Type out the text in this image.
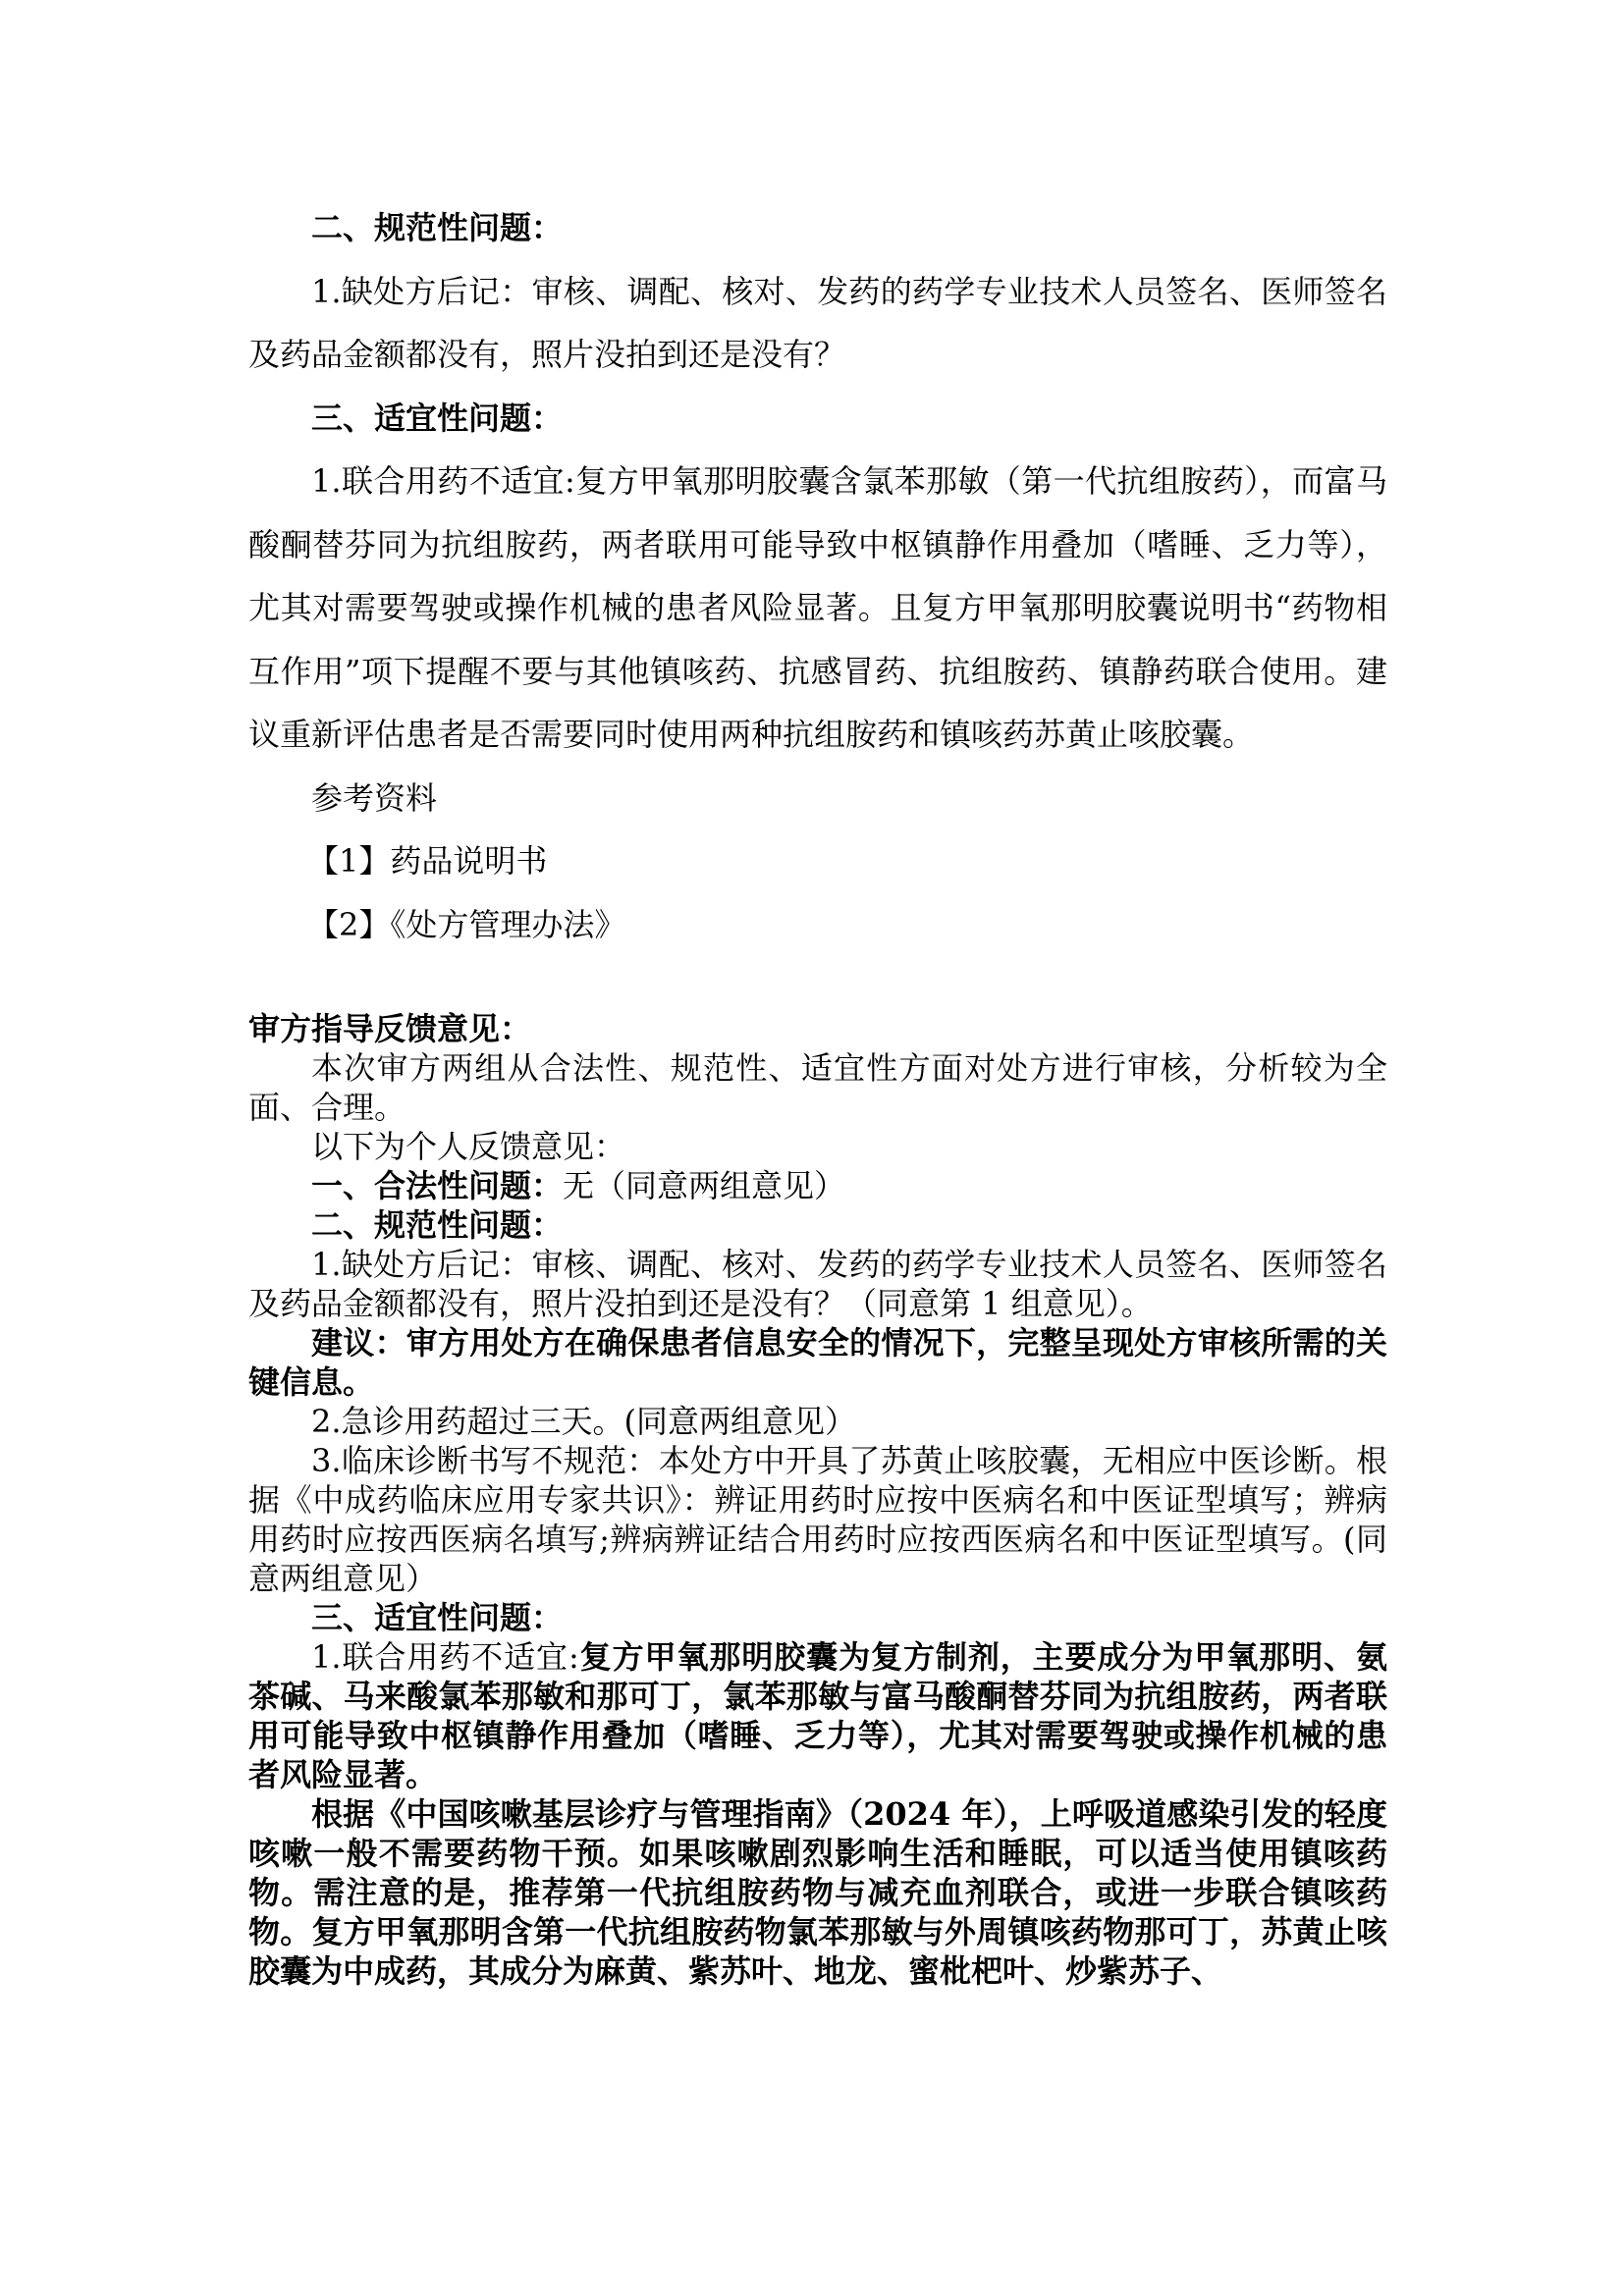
二、规范性问题：

1.缺处方后记：审核、调配、核对、发药的药学专业技术人员签名、医师签名及药品金额都没有，照片没拍到还是没有？

三、适宜性问题：

1.联合用药不适宜:复方甲氧那明胶囊含氯苯那敏（第一代抗组胺药），而富马酸酮替芬同为抗组胺药，两者联用可能导致中枢镇静作用叠加（嗜睡、乏力等），尤其对需要驾驶或操作机械的患者风险显著。且复方甲氧那明胶囊说明书“药物相互作用”项下提醒不要与其他镇咳药、抗感冒药、抗组胺药、镇静药联合使用。建议重新评估患者是否需要同时使用两种抗组胺药和镇咳药苏黄止咳胶囊。

参考资料

【1】药品说明书

【2】《处方管理办法》

审方指导反馈意见：

本次审方两组从合法性、规范性、适宜性方面对处方进行审核，分析较为全面、合理。

以下为个人反馈意见：

一、合法性问题：无（同意两组意见）

二、规范性问题：

1.缺处方后记：审核、调配、核对、发药的药学专业技术人员签名、医师签名及药品金额都没有，照片没拍到还是没有？（同意第 1 组意见）。

建议：审方用处方在确保患者信息安全的情况下，完整呈现处方审核所需的关键信息。

2.急诊用药超过三天。(同意两组意见）

3.临床诊断书写不规范：本处方中开具了苏黄止咳胶囊，无相应中医诊断。根据《中成药临床应用专家共识》：辨证用药时应按中医病名和中医证型填写；辨病用药时应按西医病名填写;辨病辨证结合用药时应按西医病名和中医证型填写。(同意两组意见）

三、适宜性问题：

1.联合用药不适宜:复方甲氧那明胶囊为复方制剂，主要成分为甲氧那明、氨茶碱、马来酸氯苯那敏和那可丁，氯苯那敏与富马酸酮替芬同为抗组胺药，两者联用可能导致中枢镇静作用叠加（嗜睡、乏力等），尤其对需要驾驶或操作机械的患者风险显著。

根据《中国咳嗽基层诊疗与管理指南》（2024 年），上呼吸道感染引发的轻度咳嗽一般不需要药物干预。如果咳嗽剧烈影响生活和睡眠，可以适当使用镇咳药物。需注意的是，推荐第一代抗组胺药物与减充血剂联合，或进一步联合镇咳药物。复方甲氧那明含第一代抗组胺药物氯苯那敏与外周镇咳药物那可丁，苏黄止咳胶囊为中成药，其成分为麻黄、紫苏叶、地龙、蜜枇杷叶、炒紫苏子、
